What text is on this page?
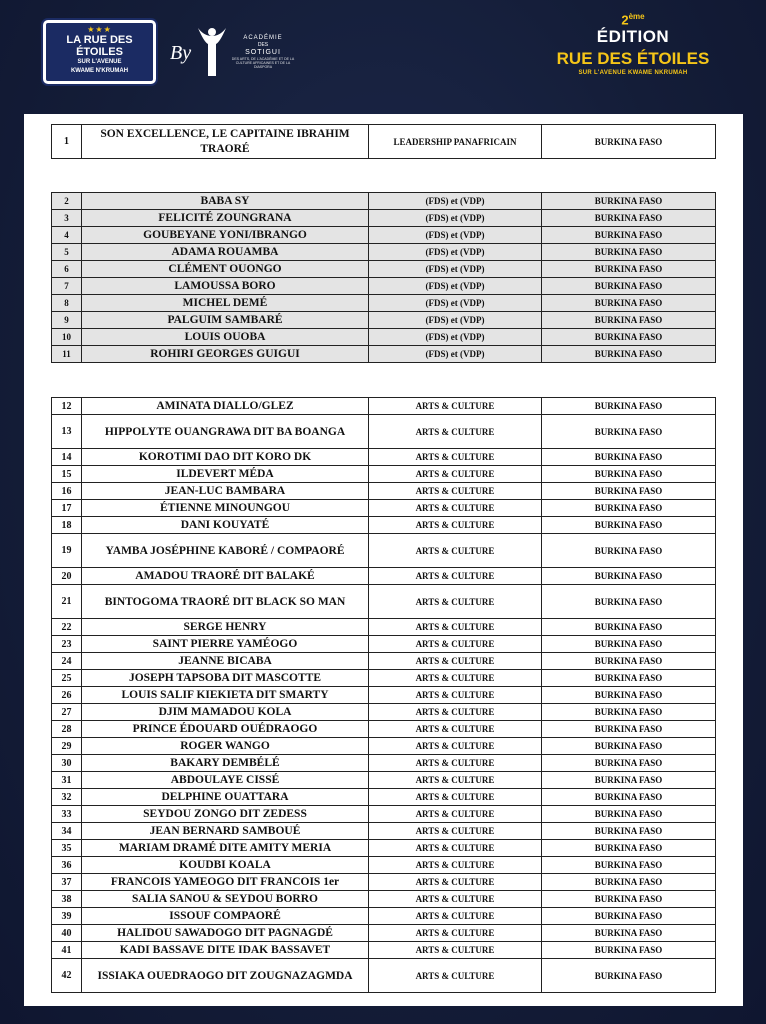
★★★
LA RUE DES ÉTOILES
SUR L'AVENUE
KWAME N'KRUMAH
By
ACADÉMIE
DES
SOTIGUI
DES ARTS, DE L'ACADÉMIE ET DE LA CULTURE AFRICAINES ET DE LA DIASPORA
2ème
ÉDITION
RUE DES ÉTOILES
SUR L'AVENUE KWAME NKRUMAH
1	SON EXCELLENCE, LE CAPITAINE IBRAHIM TRAORÉ	LEADERSHIP PANAFRICAIN	BURKINA FASO
2	BABA SY	(FDS) et (VDP)	BURKINA FASO
3	FELICITÉ ZOUNGRANA	(FDS) et (VDP)	BURKINA FASO
4	GOUBEYANE YONI/IBRANGO	(FDS) et (VDP)	BURKINA FASO
5	ADAMA ROUAMBA	(FDS) et (VDP)	BURKINA FASO
6	CLÉMENT OUONGO	(FDS) et (VDP)	BURKINA FASO
7	LAMOUSSA BORO	(FDS) et (VDP)	BURKINA FASO
8	MICHEL DEMÉ	(FDS) et (VDP)	BURKINA FASO
9	PALGUIM SAMBARÉ	(FDS) et (VDP)	BURKINA FASO
10	LOUIS OUOBA	(FDS) et (VDP)	BURKINA FASO
11	ROHIRI GEORGES GUIGUI	(FDS) et (VDP)	BURKINA FASO
12	AMINATA DIALLO/GLEZ	ARTS & CULTURE	BURKINA FASO
13	HIPPOLYTE OUANGRAWA DIT BA BOANGA	ARTS & CULTURE	BURKINA FASO
14	KOROTIMI DAO DIT KORO DK	ARTS & CULTURE	BURKINA FASO
15	ILDEVERT MÉDA	ARTS & CULTURE	BURKINA FASO
16	JEAN-LUC BAMBARA	ARTS & CULTURE	BURKINA FASO
17	ÉTIENNE MINOUNGOU	ARTS & CULTURE	BURKINA FASO
18	DANI KOUYATÉ	ARTS & CULTURE	BURKINA FASO
19	YAMBA JOSÉPHINE KABORÉ / COMPAORÉ	ARTS & CULTURE	BURKINA FASO
20	AMADOU TRAORÉ DIT BALAKÉ	ARTS & CULTURE	BURKINA FASO
21	BINTOGOMA TRAORÉ DIT BLACK SO MAN	ARTS & CULTURE	BURKINA FASO
22	SERGE HENRY	ARTS & CULTURE	BURKINA FASO
23	SAINT PIERRE YAMÉOGO	ARTS & CULTURE	BURKINA FASO
24	JEANNE BICABA	ARTS & CULTURE	BURKINA FASO
25	JOSEPH TAPSOBA DIT MASCOTTE	ARTS & CULTURE	BURKINA FASO
26	LOUIS SALIF KIEKIETA DIT SMARTY	ARTS & CULTURE	BURKINA FASO
27	DJIM MAMADOU KOLA	ARTS & CULTURE	BURKINA FASO
28	PRINCE ÉDOUARD OUÉDRAOGO	ARTS & CULTURE	BURKINA FASO
29	ROGER WANGO	ARTS & CULTURE	BURKINA FASO
30	BAKARY DEMBÉLÉ	ARTS & CULTURE	BURKINA FASO
31	ABDOULAYE CISSÉ	ARTS & CULTURE	BURKINA FASO
32	DELPHINE OUATTARA	ARTS & CULTURE	BURKINA FASO
33	SEYDOU ZONGO DIT ZEDESS	ARTS & CULTURE	BURKINA FASO
34	JEAN BERNARD SAMBOUÉ	ARTS & CULTURE	BURKINA FASO
35	MARIAM DRAMÉ DITE AMITY MERIA	ARTS & CULTURE	BURKINA FASO
36	KOUDBI KOALA	ARTS & CULTURE	BURKINA FASO
37	FRANCOIS YAMEOGO DIT FRANCOIS 1er	ARTS & CULTURE	BURKINA FASO
38	SALIA SANOU & SEYDOU BORRO	ARTS & CULTURE	BURKINA FASO
39	ISSOUF COMPAORÉ	ARTS & CULTURE	BURKINA FASO
40	HALIDOU SAWADOGO DIT PAGNAGDÉ	ARTS & CULTURE	BURKINA FASO
41	KADI BASSAVE DITE IDAK BASSAVET	ARTS & CULTURE	BURKINA FASO
42	ISSIAKA OUEDRAOGO DIT ZOUGNAZAGMDA	ARTS & CULTURE	BURKINA FASO
